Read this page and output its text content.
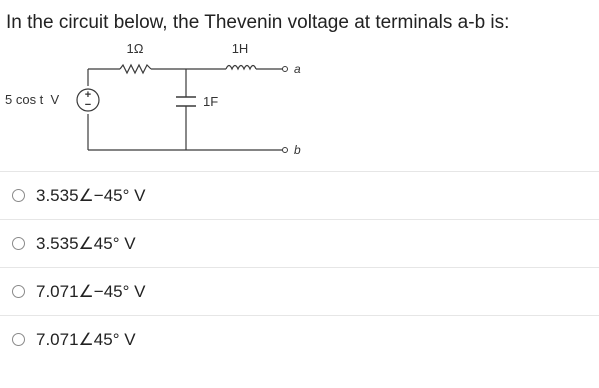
In the circuit below, the Thevenin voltage at terminals a-b is:
+
−
1Ω	1H
1F
5 cos t  V
a
b
3.535∠−45° V
3.535∠45° V
7.071∠−45° V
7.071∠45° V
